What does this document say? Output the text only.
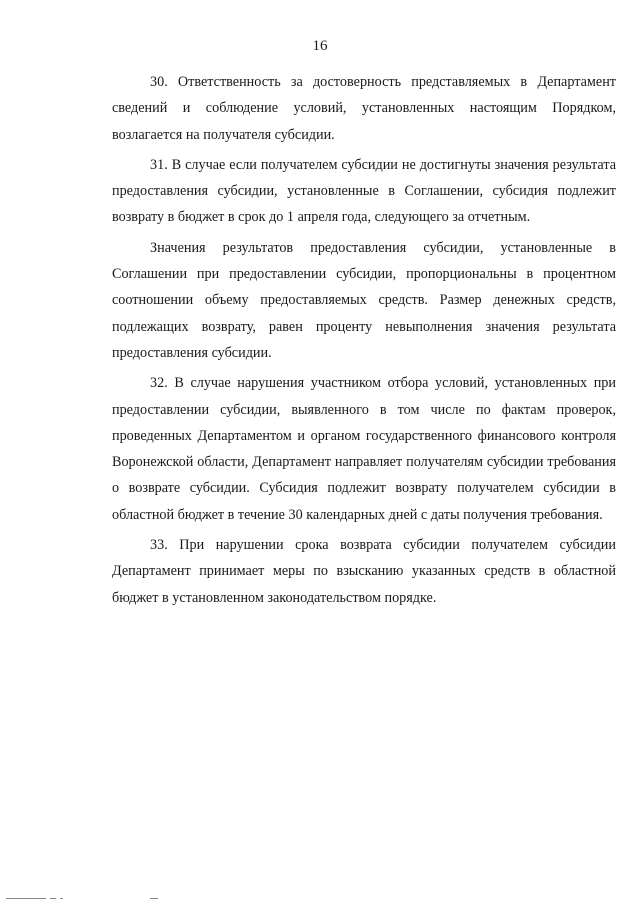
16

30. Ответственность за достоверность представляемых в Департамент сведений и соблюдение условий, установленных настоящим Порядком, возлагается на получателя субсидии.

31. В случае если получателем субсидии не достигнуты значения результата предоставления субсидии, установленные в Соглашении, субсидия подлежит возврату в бюджет в срок до 1 апреля года, следующего за отчетным.

Значения результатов предоставления субсидии, установленные в Соглашении при предоставлении субсидии, пропорциональны в процентном соотношении объему предоставляемых средств. Размер денежных средств, подлежащих возврату, равен проценту невыполнения значения результата предоставления субсидии.

32. В случае нарушения участником отбора условий, установленных при предоставлении субсидии, выявленного в том числе по фактам проверок, проведенных Департаментом и органом государственного финансового контроля Воронежской области, Департамент направляет получателям субсидии требования о возврате субсидии. Субсидия подлежит возврату получателем субсидии в областной бюджет в течение 30 календарных дней с даты получения требования.

33. При нарушении срока возврата субсидии получателем субсидии Департамент принимает меры по взысканию указанных средств в областной бюджет в установленном законодательством порядке.
